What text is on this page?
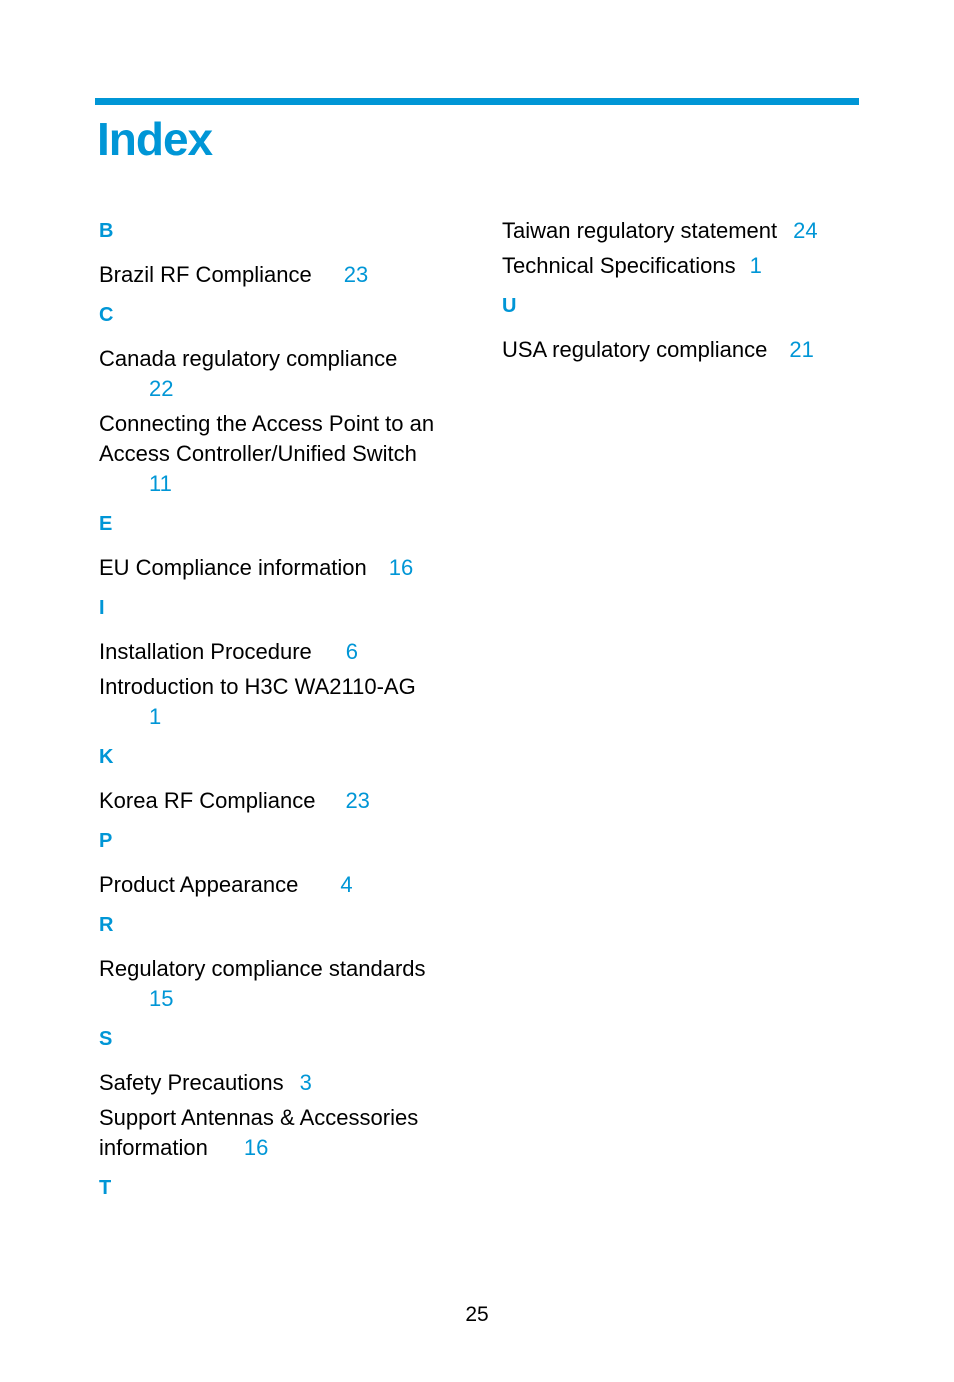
Index
B
Brazil RF Compliance 23
C
Canada regulatory compliance
22
Connecting the Access Point to an Access Controller/Unified Switch
11
E
EU Compliance information 16
I
Installation Procedure 6
Introduction to H3C WA2110-AG
1
K
Korea RF Compliance 23
P
Product Appearance 4
R
Regulatory compliance standards
15
S
Safety Precautions 3
Support Antennas & Accessories information 16
T
Taiwan regulatory statement 24
Technical Specifications 1
U
USA regulatory compliance 21
25
